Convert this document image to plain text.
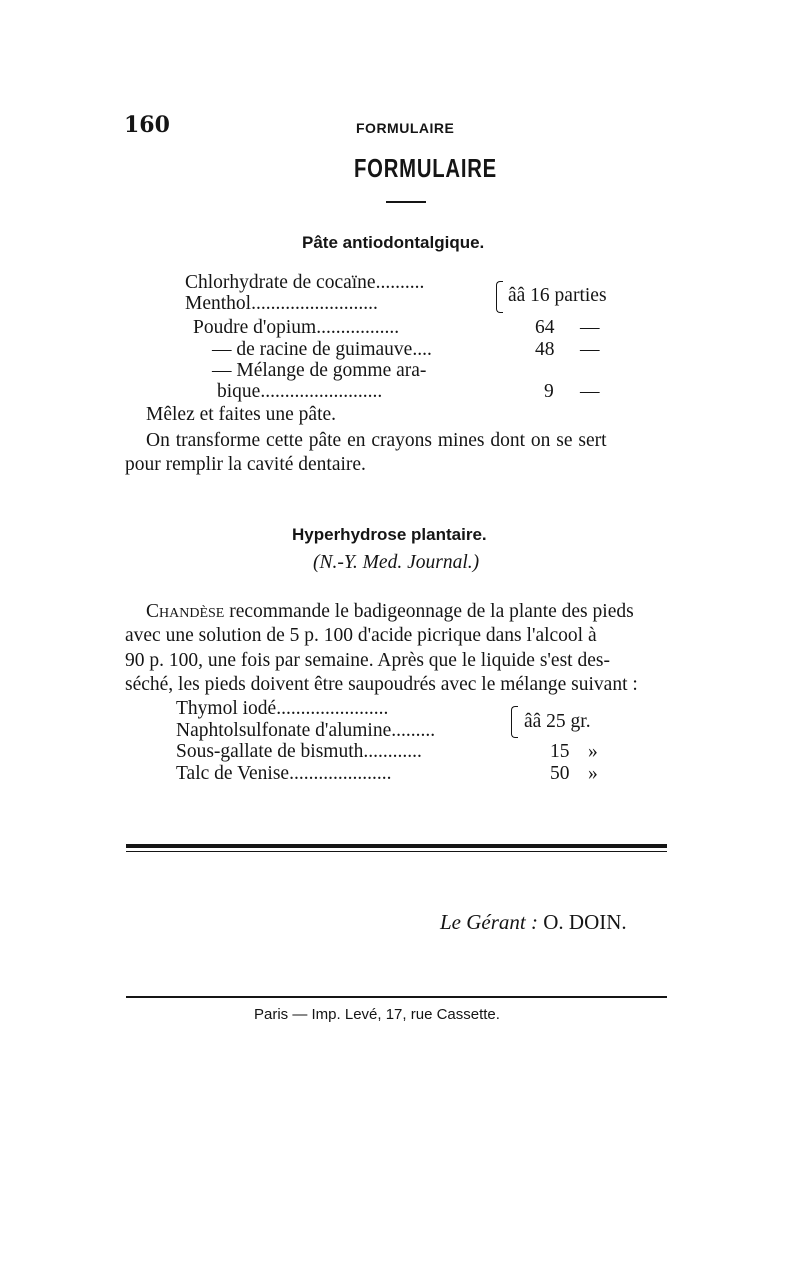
160	FORMULAIRE
FORMULAIRE
Pâte antiodontalgique.
Chlorhydrate de cocaïne..........
Menthol..........................	ââ 16 parties
Poudre d'opium.................	64 —
— de racine de guimauve....	48 —
— Mélange de gomme ara-
bique.........................	9 —
Mêlez et faites une pâte.
On transforme cette pâte en crayons mines dont on se sert
pour remplir la cavité dentaire.
Hyperhydrose plantaire.
(N.-Y. Med. Journal.)
Chandèse recommande le badigeonnage de la plante des pieds
avec une solution de 5 p. 100 d'acide picrique dans l'alcool à
90 p. 100, une fois par semaine. Après que le liquide s'est des-
séché, les pieds doivent être saupoudrés avec le mélange suivant :
Thymol iodé.......................
Naphtolsulfonate d'alumine.........	ââ 25 gr.
Sous-gallate de bismuth............	15 »
Talc de Venise.....................	50 »
Le Gérant : O. DOIN.
Paris — Imp. Levé, 17, rue Cassette.
